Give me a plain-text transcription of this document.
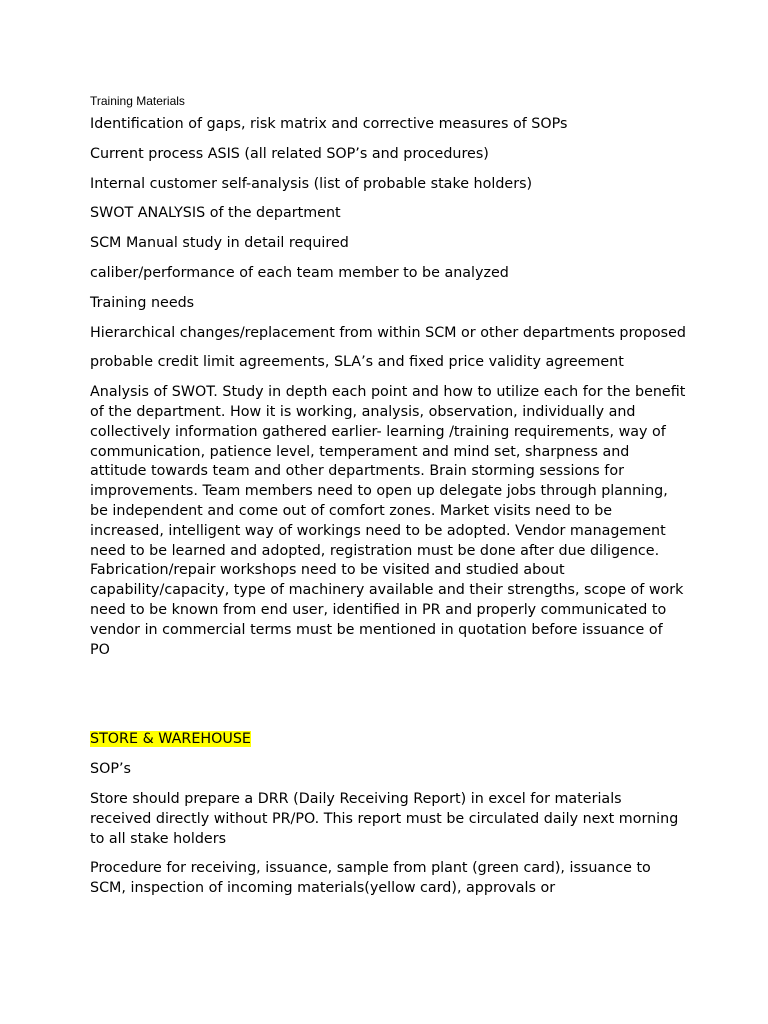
Training Materials

Identification of gaps, risk matrix and corrective measures of SOPs

Current process ASIS (all related SOP’s and procedures)

Internal customer self-analysis (list of probable stake holders)

SWOT ANALYSIS of the department

SCM Manual study in detail required

caliber/performance of each team member to be analyzed

Training needs

Hierarchical changes/replacement from within SCM or other departments proposed

probable credit limit agreements, SLA’s and fixed price validity agreement

Analysis of SWOT. Study in depth each point and how to utilize each for the benefit of the department. How it is working, analysis, observation, individually and collectively information gathered earlier- learning /training requirements, way of communication, patience level, temperament and mind set, sharpness and attitude towards team and other departments. Brain storming sessions for improvements. Team members need to open up delegate jobs through planning, be independent and come out of comfort zones. Market visits need to be increased, intelligent way of workings need to be adopted. Vendor management need to be learned and adopted, registration must be done after due diligence. Fabrication/repair workshops need to be visited and studied about capability/capacity, type of machinery available and their strengths, scope of work need to be known from end user, identified in PR and properly communicated to vendor in commercial terms must be mentioned in quotation before issuance of PO

STORE & WAREHOUSE

SOP’s

Store should prepare a DRR (Daily Receiving Report) in excel for materials received directly without PR/PO. This report must be circulated daily next morning to all stake holders

Procedure for receiving, issuance, sample from plant (green card), issuance to SCM, inspection of incoming materials(yellow card), approvals or
